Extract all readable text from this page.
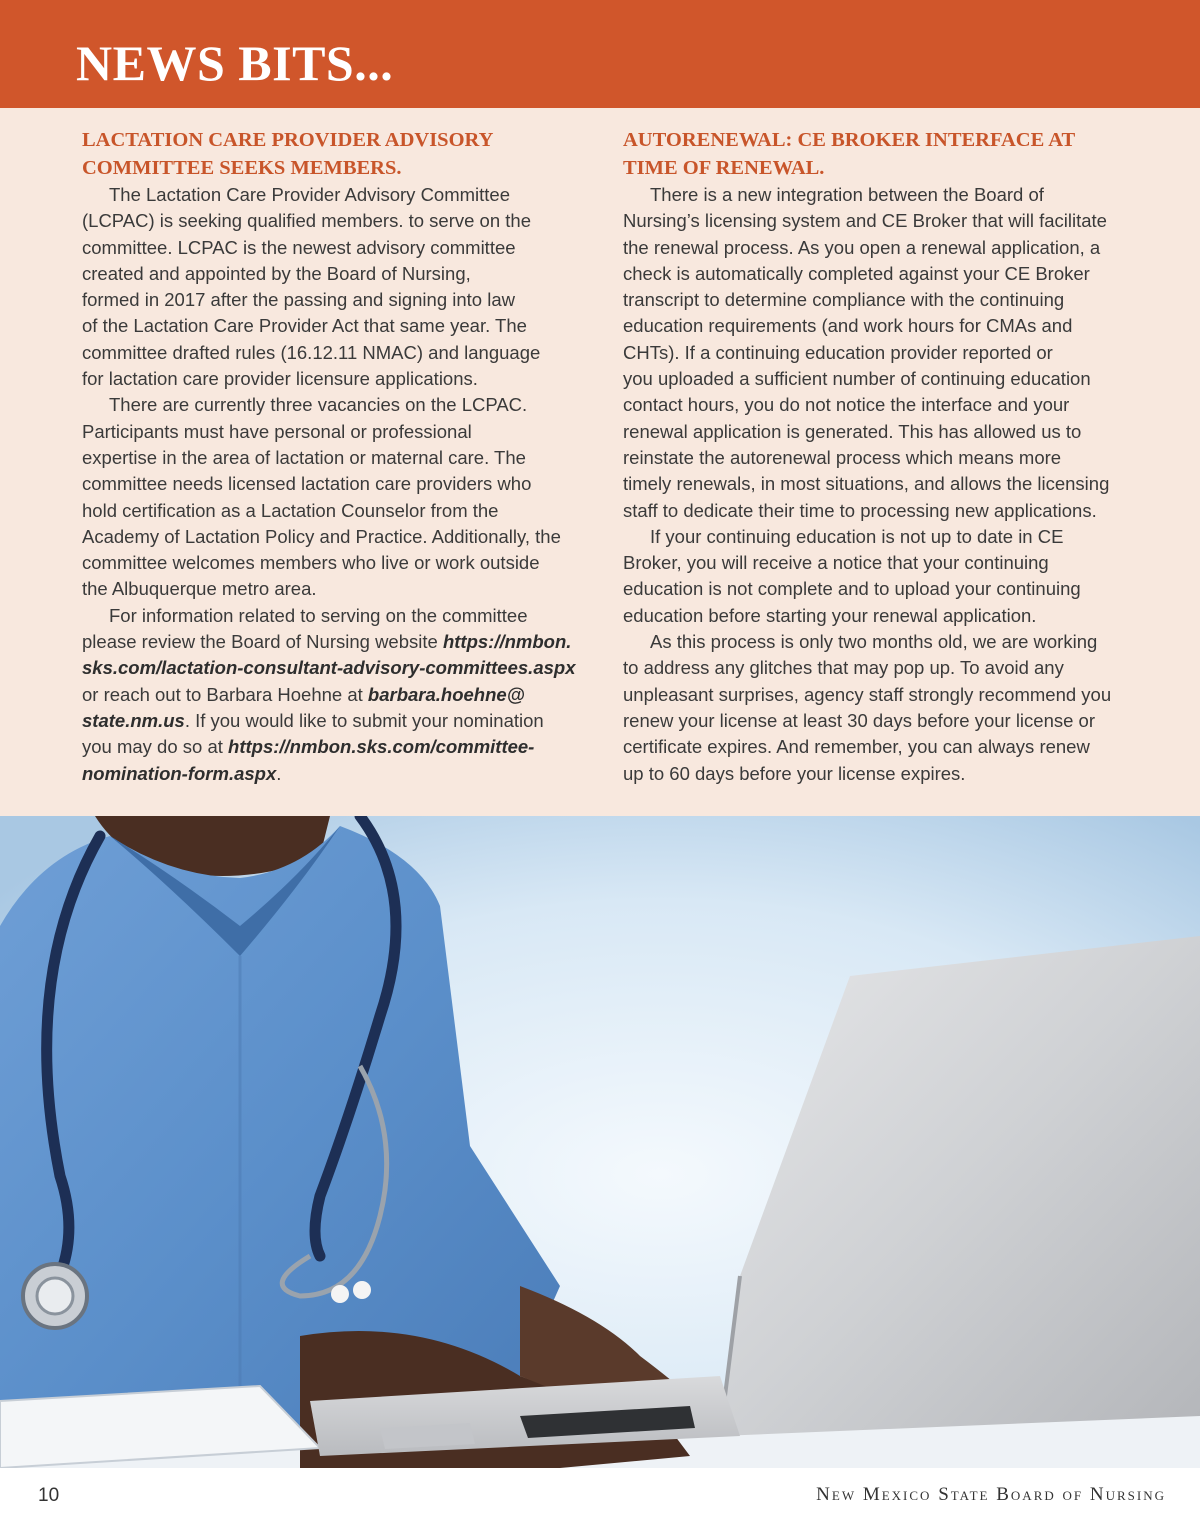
NEWS BITS...
LACTATION CARE PROVIDER ADVISORY
COMMITTEE SEEKS MEMBERS.

The Lactation Care Provider Advisory Committee
(LCPAC) is seeking qualified members. to serve on the
committee. LCPAC is the newest advisory committee
created and appointed by the Board of Nursing,
formed in 2017 after the passing and signing into law
of the Lactation Care Provider Act that same year. The
committee drafted rules (16.12.11 NMAC) and language
for lactation care provider licensure applications.

There are currently three vacancies on the LCPAC.
Participants must have personal or professional
expertise in the area of lactation or maternal care. The
committee needs licensed lactation care providers who
hold certification as a Lactation Counselor from the
Academy of Lactation Policy and Practice. Additionally, the
committee welcomes members who live or work outside
the Albuquerque metro area.

For information related to serving on the committee
please review the Board of Nursing website https://nmbon.
sks.com/lactation-consultant-advisory-committees.aspx
or reach out to Barbara Hoehne at barbara.hoehne@
state.nm.us. If you would like to submit your nomination
you may do so at https://nmbon.sks.com/committee-
nomination-form.aspx.

AUTORENEWAL: CE BROKER INTERFACE AT
TIME OF RENEWAL.

There is a new integration between the Board of
Nursing’s licensing system and CE Broker that will facilitate
the renewal process. As you open a renewal application, a
check is automatically completed against your CE Broker
transcript to determine compliance with the continuing
education requirements (and work hours for CMAs and
CHTs). If a continuing education provider reported or
you uploaded a sufficient number of continuing education
contact hours, you do not notice the interface and your
renewal application is generated. This has allowed us to
reinstate the autorenewal process which means more
timely renewals, in most situations, and allows the licensing
staff to dedicate their time to processing new applications.

If your continuing education is not up to date in CE
Broker, you will receive a notice that your continuing
education is not complete and to upload your continuing
education before starting your renewal application.

As this process is only two months old, we are working
to address any glitches that may pop up. To avoid any
unpleasant surprises, agency staff strongly recommend you
renew your license at least 30 days before your license or
certificate expires. And remember, you can always renew
up to 60 days before your license expires.

10	New Mexico State Board of Nursing
